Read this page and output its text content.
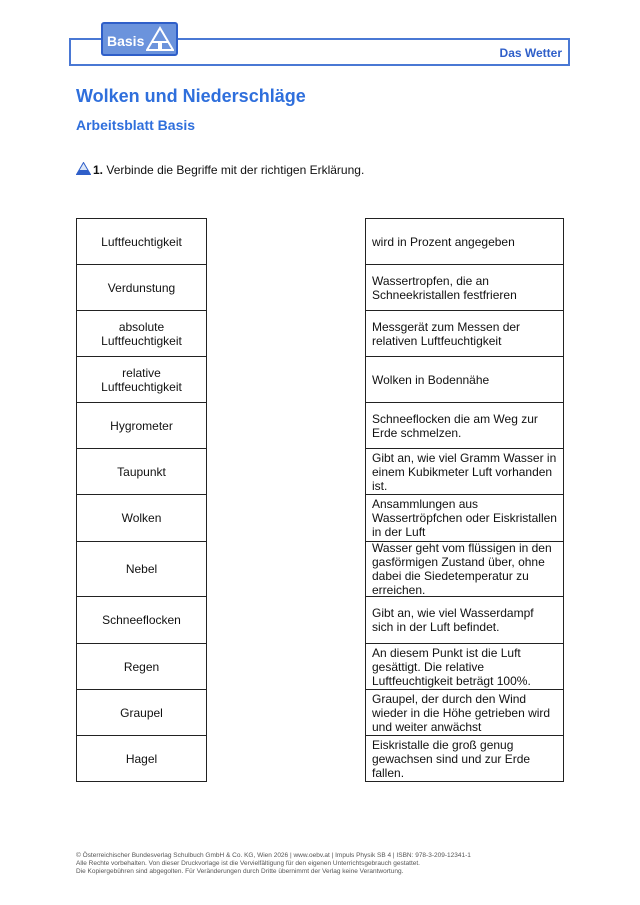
Das Wetter
Basis
Wolken und Niederschläge
Arbeitsblatt Basis
1. Verbinde die Begriffe mit der richtigen Erklärung.
Luftfeuchtigkeit
Verdunstung
absolute Luftfeuchtigkeit
relative Luftfeuchtigkeit
Hygrometer
Taupunkt
Wolken
Nebel
Schneeflocken
Regen
Graupel
Hagel
wird in Prozent angegeben
Wassertropfen, die an Schneekristallen festfrieren
Messgerät zum Messen der relativen Luftfeuchtigkeit
Wolken in Bodennähe
Schneeflocken die am Weg zur Erde schmelzen.
Gibt an, wie viel Gramm Wasser in einem Kubikmeter Luft vorhanden ist.
Ansammlungen aus Wassertröpfchen oder Eiskristallen in der Luft
Wasser geht vom flüssigen in den gasförmigen Zustand über, ohne dabei die Siedetemperatur zu erreichen.
Gibt an, wie viel Wasserdampf sich in der Luft befindet.
An diesem Punkt ist die Luft gesättigt. Die relative Luftfeuchtigkeit beträgt 100%.
Graupel, der durch den Wind wieder in die Höhe getrieben wird und weiter anwächst
Eiskristalle die groß genug gewachsen sind und zur Erde fallen.
© Österreichischer Bundesverlag Schulbuch GmbH & Co. KG, Wien 2026 | www.oebv.at | Impuls Physik SB 4 | ISBN: 978-3-209-12341-1
Alle Rechte vorbehalten. Von dieser Druckvorlage ist die Vervielfältigung für den eigenen Unterrichtsgebrauch gestattet.
Die Kopiergebühren sind abgegolten. Für Veränderungen durch Dritte übernimmt der Verlag keine Verantwortung.
